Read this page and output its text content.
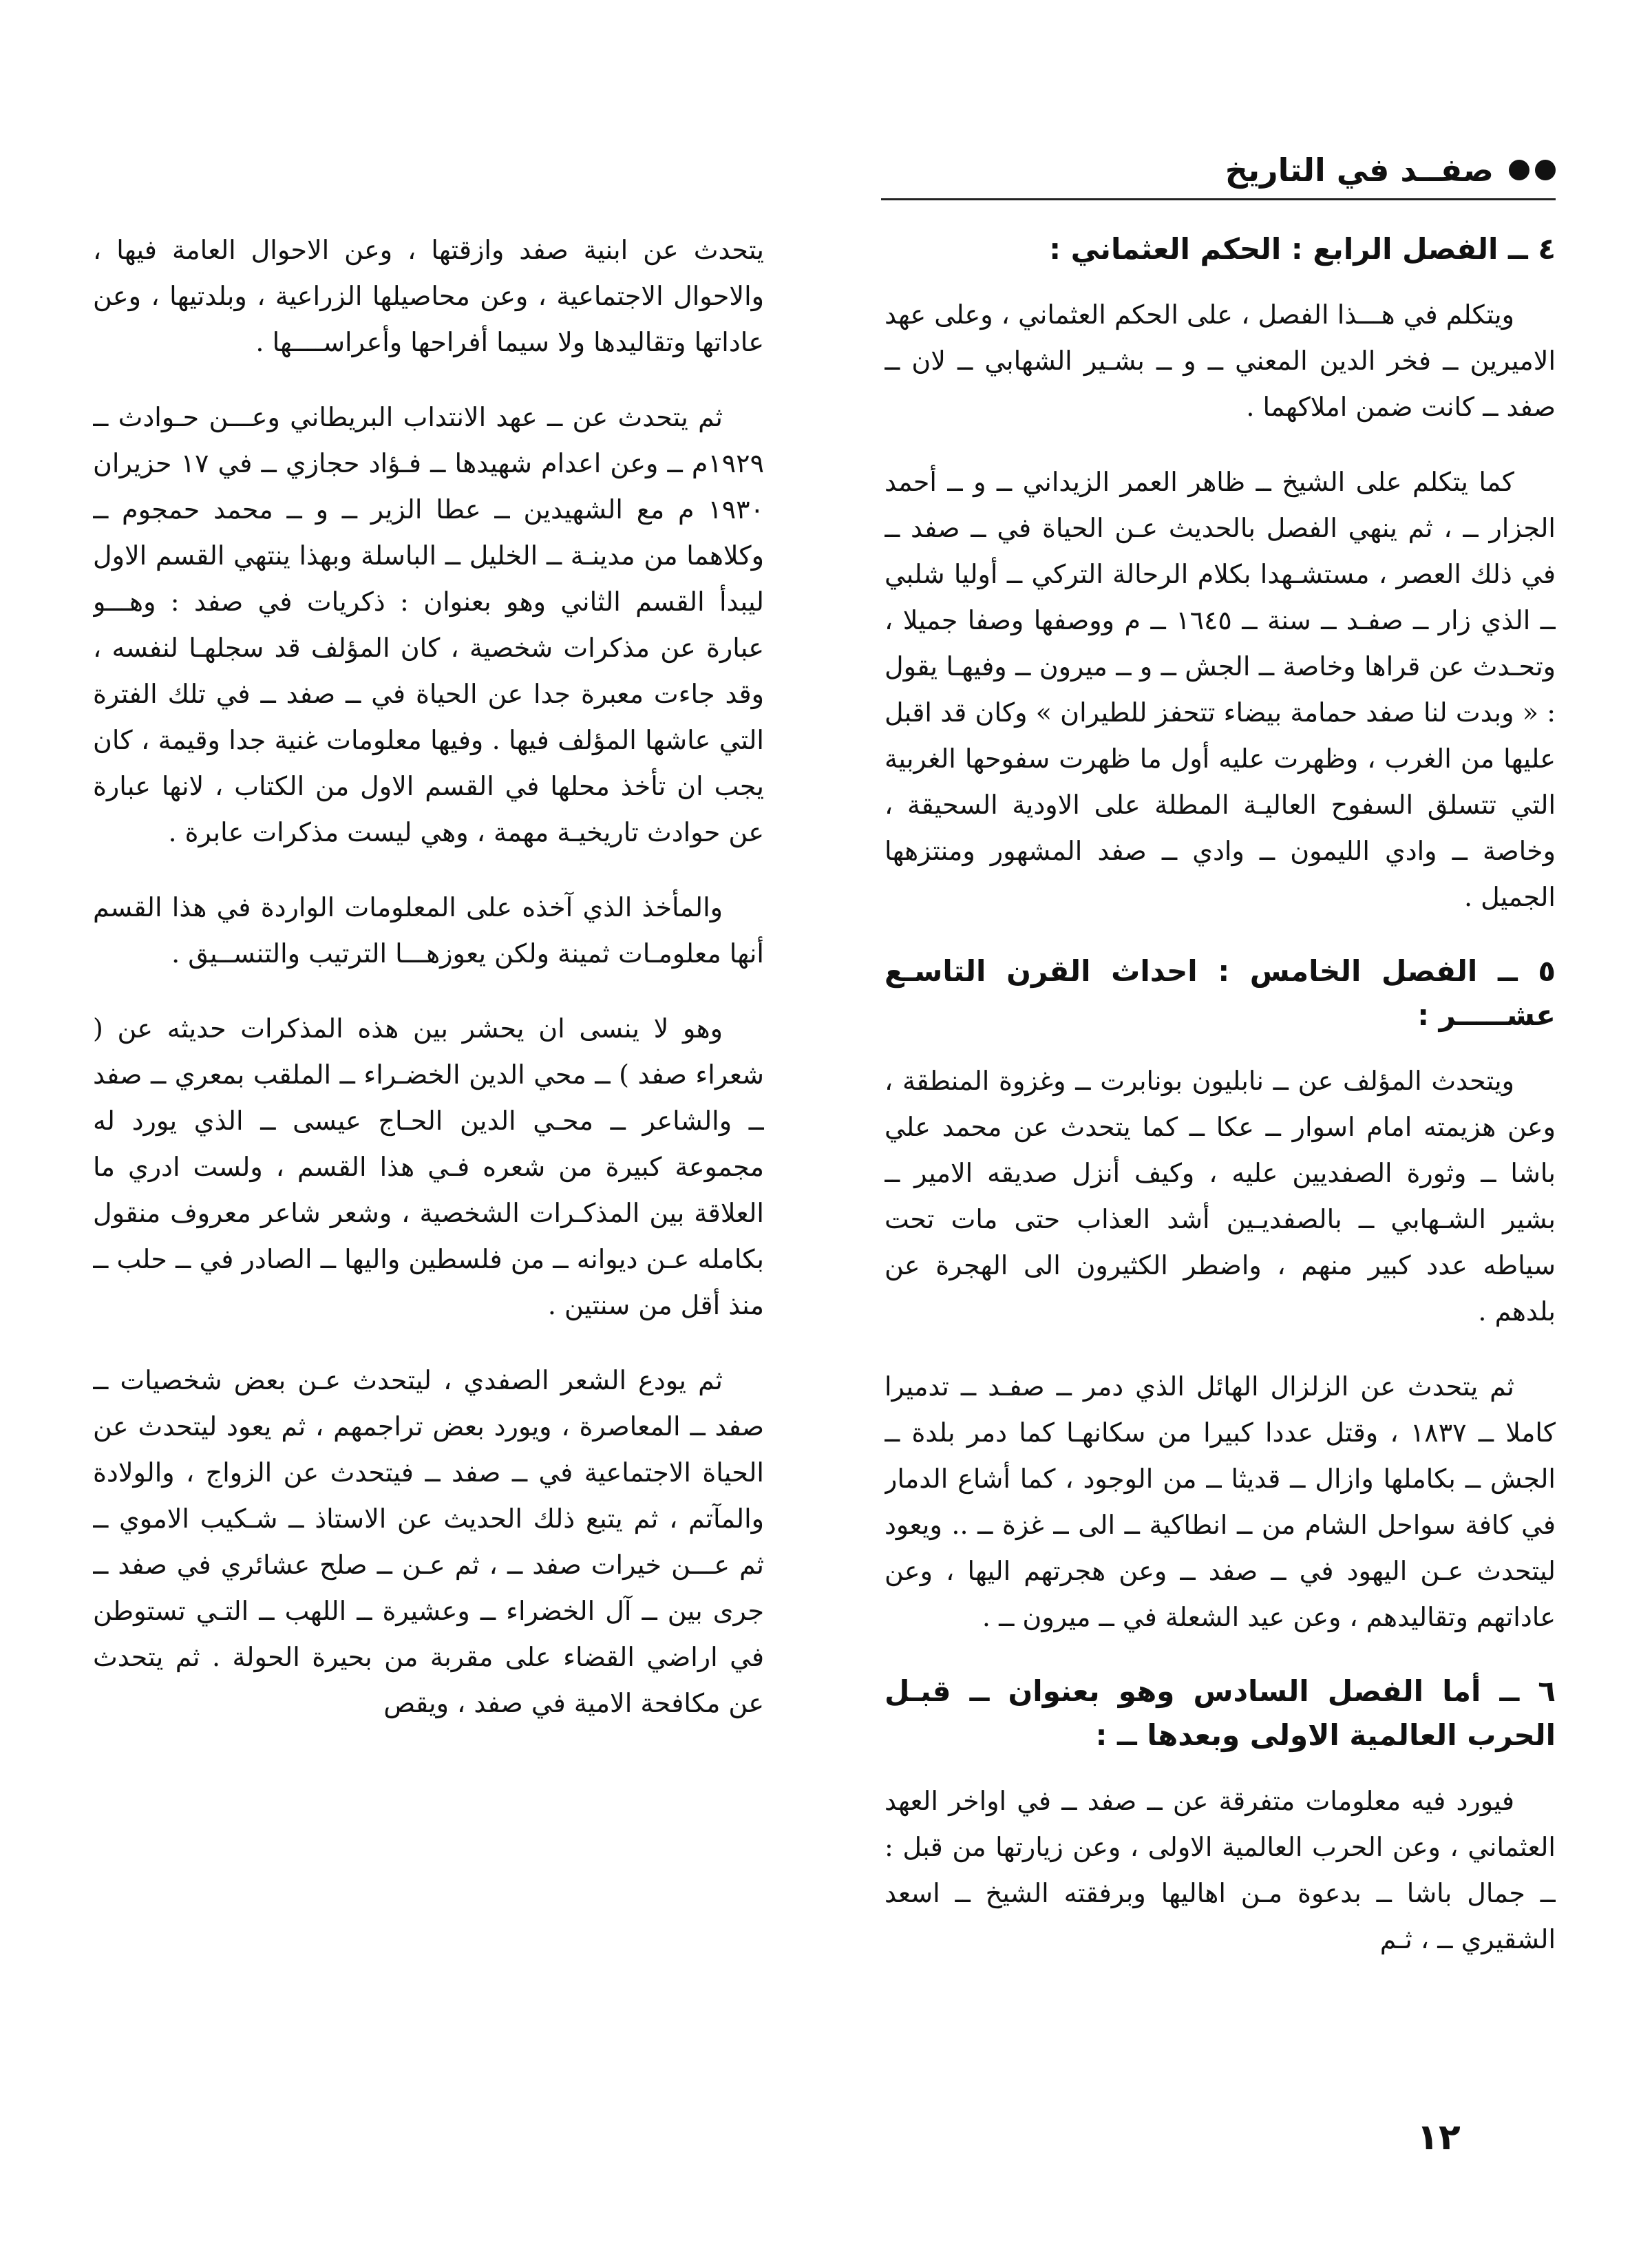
صفــد في التاريخ
٤ ــ الفصل الرابع : الحكم العثماني :

ويتكلم في هـــذا الفصل ، على الحكم العثماني ، وعلى عهد الاميرين ــ فخر الدين المعني ــ و ــ بشـير الشهابي ــ لان ــ صفد ــ كانت ضمن املاكهما .

كما يتكلم على الشيخ ــ ظاهر العمر الزيداني ــ و ــ أحمد الجزار ــ ، ثم ينهي الفصل بالحديث عـن الحياة في ــ صفد ــ في ذلك العصر ، مستشـهدا بكلام الرحالة التركي ــ أوليا شلبي ــ الذي زار ــ صفـد ــ سنة ــ ١٦٤٥ ــ م ووصفها وصفا جميلا ، وتحـدث عن قراها وخاصة ــ الجش ــ و ــ ميرون ــ وفيهـا يقول : « وبدت لنا صفد حمامة بيضاء تتحفز للطيران » وكان قد اقبل عليها من الغرب ، وظهرت عليه أول ما ظهرت سفوحها الغربية التي تتسلق السفوح العاليـة المطلة على الاودية السحيقة ، وخاصة ــ وادي الليمون ــ وادي ــ صفد المشهور ومنتزهها الجميل .

٥ ــ الفصل الخامس : احداث القرن التاسـع عشـــــر :

ويتحدث المؤلف عن ــ نابليون بونابرت ــ وغزوة المنطقة ، وعن هزيمته امام اسوار ــ عكا ــ كما يتحدث عن محمد علي باشا ــ وثورة الصفديين عليه ، وكيف أنزل صديقه الامير ــ بشير الشـهابي ــ بالصفديـين أشد العذاب حتى مات تحت سياطه عدد كبير منهم ، واضطر الكثيرون الى الهجرة عن بلدهم .

ثم يتحدث عن الزلزال الهائل الذي دمر ــ صفـد ــ تدميرا كاملا ــ ١٨٣٧ ، وقتل عددا كبيرا من سكانهـا كما دمر بلدة ــ الجش ــ بكاملها وازال ــ قديثا ــ من الوجود ، كما أشاع الدمار في كافة سواحل الشام من ــ انطاكية ــ الى ــ غزة ــ .. ويعود ليتحدث عـن اليهود في ــ صفد ــ وعن هجرتهم اليها ، وعن عاداتهم وتقاليدهم ، وعن عيد الشعلة في ــ ميرون ــ .

٦ ــ أما الفصل السادس وهو بعنوان ــ قبـل الحرب العالمية الاولى وبعدها ــ :

فيورد فيه معلومات متفرقة عن ــ صفد ــ في اواخر العهد العثماني ، وعن الحرب العالمية الاولى ، وعن زيارتها من قبل : ــ جمال باشا ــ بدعوة مـن اهاليها وبرفقته الشيخ ــ اسعد الشقيري ــ ، ثـم

يتحدث عن ابنية صفد وازقتها ، وعن الاحوال العامة فيها ، والاحوال الاجتماعية ، وعن محاصيلها الزراعية ، وبلدتيها ، وعن عاداتها وتقاليدها ولا سيما أفراحها وأعراســــها .

ثم يتحدث عن ــ عهد الانتداب البريطاني وعـــن حـوادث ــ ١٩٢٩م ــ وعن اعدام شهيدها ــ فـؤاد حجازي ــ في ١٧ حزيران ١٩٣٠ م مع الشهيدين ــ عطا الزير ــ و ــ محمد حمجوم ــ وكلاهما من مدينـة ــ الخليل ــ الباسلة وبهذا ينتهي القسم الاول ليبدأ القسم الثاني وهو بعنوان : ذكريات في صفد : وهـــو عبارة عن مذكرات شخصية ، كان المؤلف قد سجلهـا لنفسه ، وقد جاءت معبرة جدا عن الحياة في ــ صفد ــ في تلك الفترة التي عاشها المؤلف فيها . وفيها معلومات غنية جدا وقيمة ، كان يجب ان تأخذ محلها في القسم الاول من الكتاب ، لانها عبارة عن حوادث تاريخيـة مهمة ، وهي ليست مذكرات عابرة .

والمأخذ الذي آخذه على المعلومات الواردة في هذا القسم أنها معلومـات ثمينة ولكن يعوزهـــا الترتيب والتنســيق .

وهو لا ينسى ان يحشر بين هذه المذكرات حديثه عن ( شعراء صفد ) ــ محي الدين الخضـراء ــ الملقب بمعري ــ صفد ــ والشاعر ــ محـي الدين الحـاج عيسى ــ الذي يورد له مجموعة كبيرة من شعره فـي هذا القسم ، ولست ادري ما العلاقة بين المذكـرات الشخصية ، وشعر شاعر معروف منقول بكامله عـن ديوانه ــ من فلسطين واليها ــ الصادر في ــ حلب ــ منذ أقل من سنتين .

ثم يودع الشعر الصفدي ، ليتحدث عـن بعض شخصيات ــ صفد ــ المعاصرة ، ويورد بعض تراجمهم ، ثم يعود ليتحدث عن الحياة الاجتماعية في ــ صفد ــ فيتحدث عن الزواج ، والولادة والمآتم ، ثم يتبع ذلك الحديث عن الاستاذ ــ شـكيب الاموي ــ ثم عـــن خيرات صفد ــ ، ثم عـن ــ صلح عشائري في صفد ــ جرى بين ــ آل الخضراء ــ وعشيرة ــ اللهب ــ التـي تستوطن في اراضي القضاء على مقربة من بحيرة الحولة . ثم يتحدث عن مكافحة الامية في صفد ، ويقص

١٢
